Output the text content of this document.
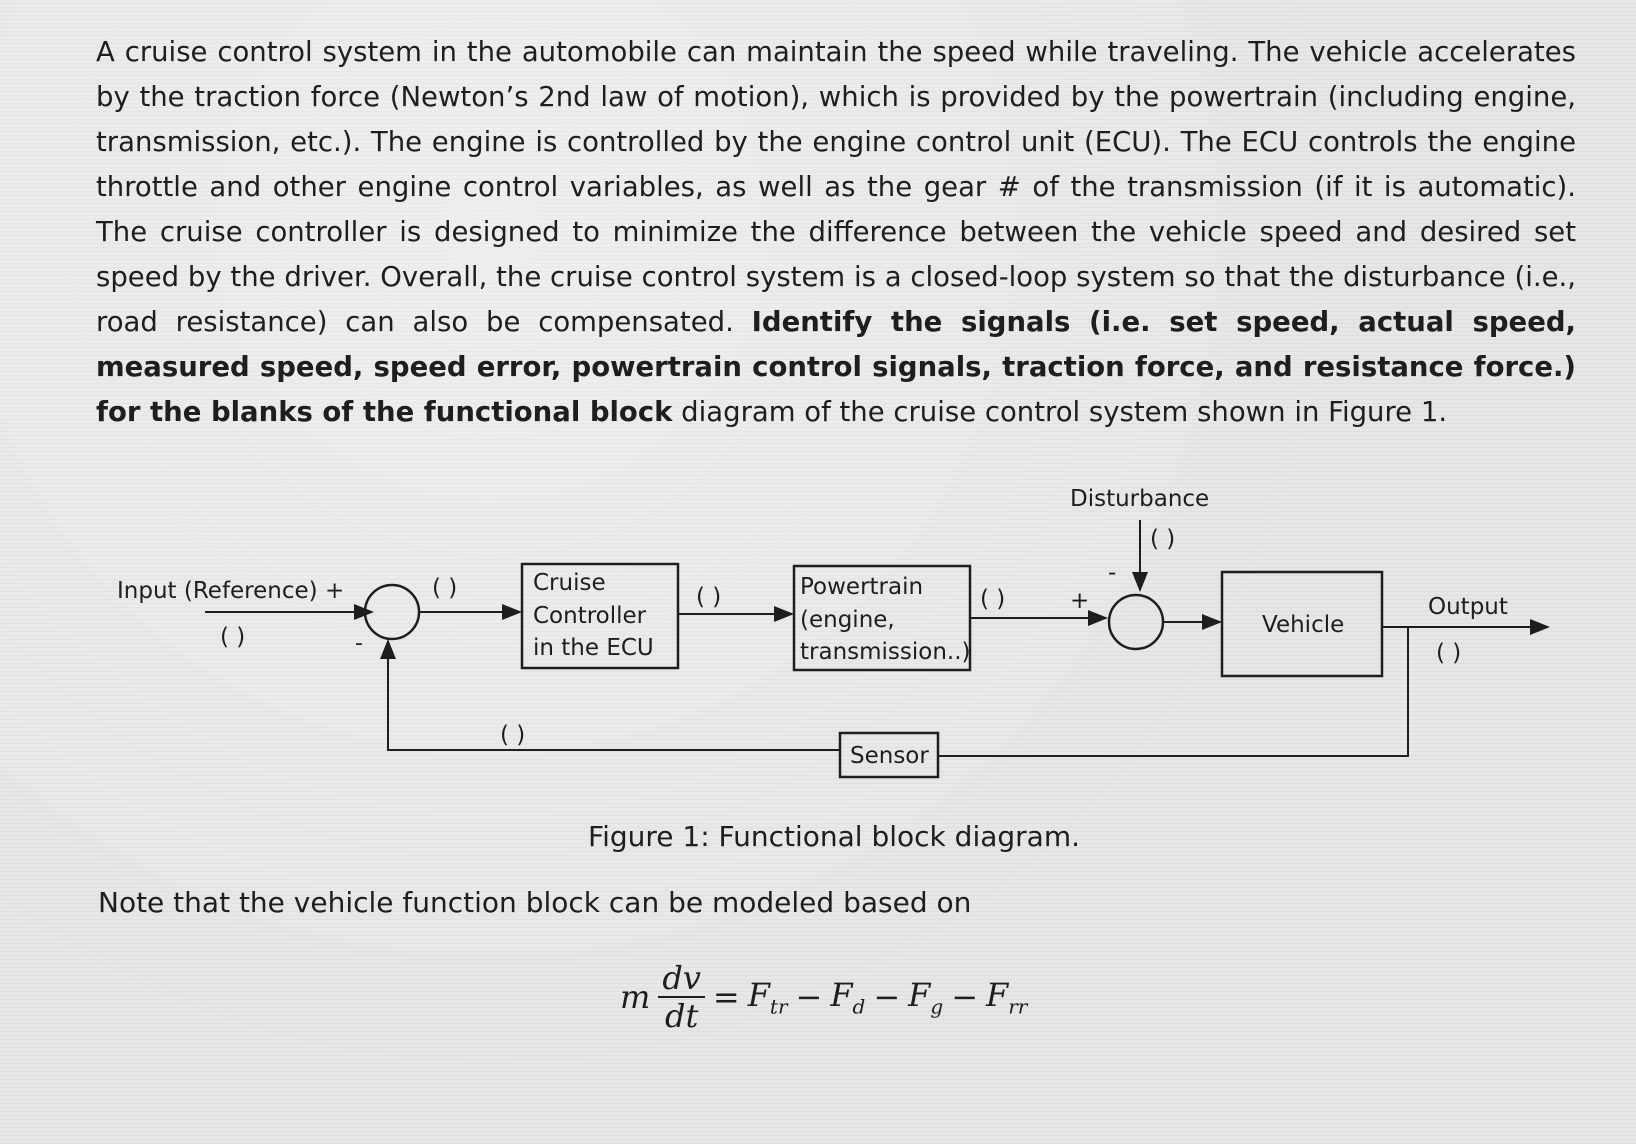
A cruise control system in the automobile can maintain the speed while traveling. The vehicle accelerates by the traction force (Newton’s 2nd law of motion), which is provided by the powertrain (including engine, transmission, etc.). The engine is controlled by the engine control unit (ECU). The ECU controls the engine throttle and other engine control variables, as well as the gear # of the transmission (if it is automatic). The cruise controller is designed to minimize the difference between the vehicle speed and desired set speed by the driver. Overall, the cruise control system is a closed-loop system so that the disturbance (i.e., road resistance) can also be compensated. Identify the signals (i.e. set speed, actual speed, measured speed, speed error, powertrain control signals, traction force, and resistance force.) for the blanks of the functional block diagram of the cruise control system shown in Figure 1.

Input (Reference) +
( )	-
( )	Cruise
Controller
in the ECU
( )	Powertrain
(engine,
transmission..)
( )	+
Disturbance
( )
-
Vehicle
Output
( )
Sensor
( )
Figure 1: Functional block diagram.
Note that the vehicle function block can be modeled based on
m $\frac{dv}{dt} = F_{tr} - F_d - F_g - F_{rr}$
